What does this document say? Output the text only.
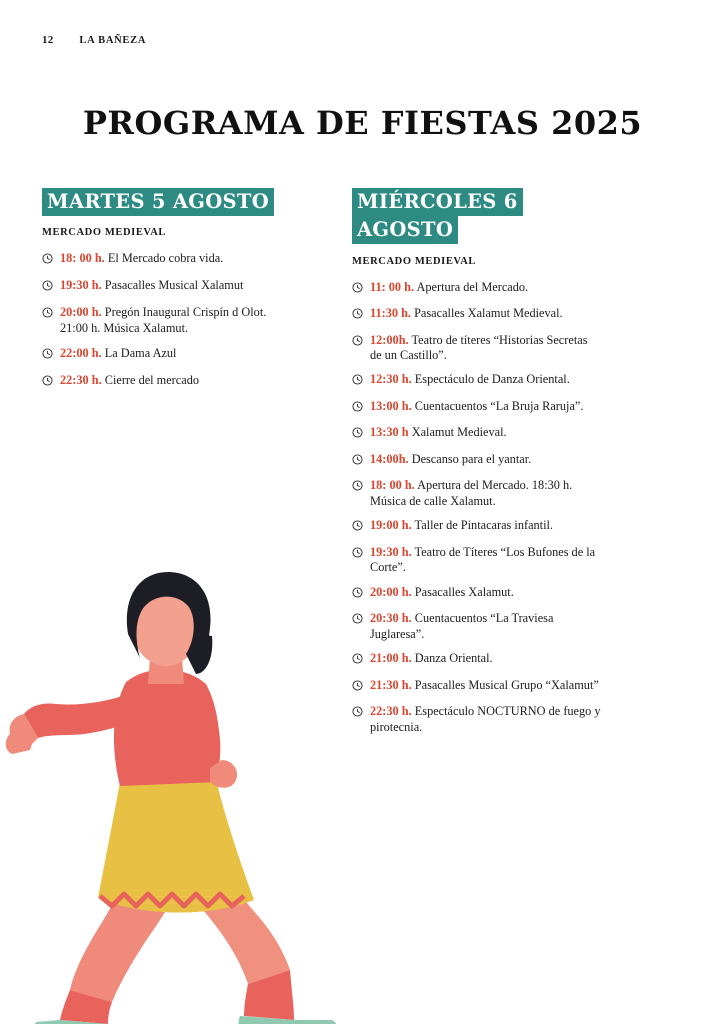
12 LA BAÑEZA
PROGRAMA DE FIESTAS 2025
MARTES 5 AGOSTO
MERCADO MEDIEVAL
18: 00 h. El Mercado cobra vida.
19:30 h. Pasacalles Musical Xalamut
20:00 h. Pregón Inaugural Crispín d Olot. 21:00 h. Música Xalamut.
22:00 h. La Dama Azul
22:30 h. Cierre del mercado
MIÉRCOLES 6 AGOSTO
MERCADO MEDIEVAL
11: 00 h. Apertura del Mercado.
11:30 h. Pasacalles Xalamut Medieval.
12:00h. Teatro de títeres “Historias Secretas de un Castillo”.
12:30 h. Espectáculo de Danza Oriental.
13:00 h. Cuentacuentos “La Bruja Raruja”.
13:30 h Xalamut Medieval.
14:00h. Descanso para el yantar.
18: 00 h. Apertura del Mercado. 18:30 h. Música de calle Xalamut.
19:00 h. Taller de Pintacaras infantil.
19:30 h. Teatro de Títeres “Los Bufones de la Corte”.
20:00 h. Pasacalles Xalamut.
20:30 h. Cuentacuentos “La Traviesa Juglaresa”.
21:00 h. Danza Oriental.
21:30 h. Pasacalles Musical Grupo “Xalamut”
22:30 h. Espectáculo NOCTURNO de fuego y pirotecnia.
